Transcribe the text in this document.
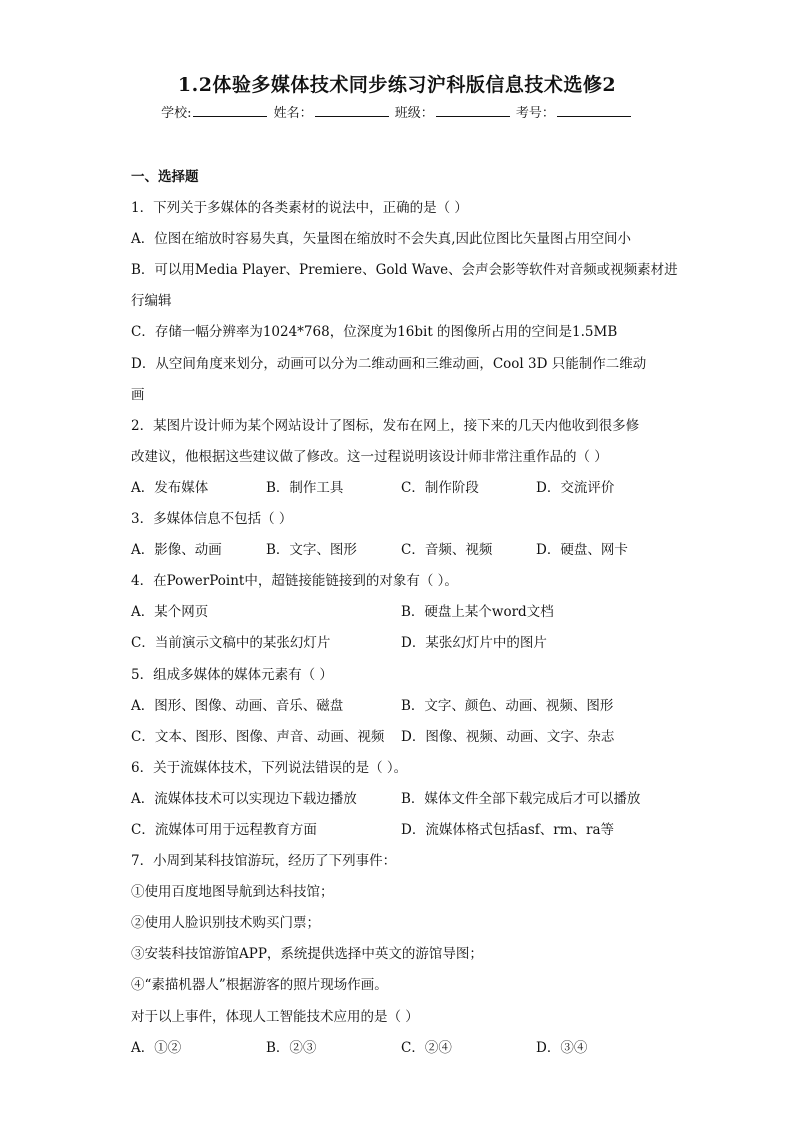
1.2体验多媒体技术同步练习沪科版信息技术选修2
学校:	姓名：	班级：	考号：
一、选择题
1．下列关于多媒体的各类素材的说法中，正确的是（ ）
A．位图在缩放时容易失真，矢量图在缩放时不会失真,因此位图比矢量图占用空间小
B．可以用Media Player、Premiere、Gold Wave、会声会影等软件对音频或视频素材进
行编辑
C．存储一幅分辨率为1024*768，位深度为16bit 的图像所占用的空间是1.5MB
D．从空间角度来划分，动画可以分为二维动画和三维动画，Cool 3D 只能制作二维动
画
2．某图片设计师为某个网站设计了图标，发布在网上，接下来的几天内他收到很多修
改建议，他根据这些建议做了修改。这一过程说明该设计师非常注重作品的（ ）
A．发布媒体	B．制作工具	C．制作阶段	D．交流评价
3．多媒体信息不包括（ ）
A．影像、动画	B．文字、图形	C．音频、视频	D．硬盘、网卡
4．在PowerPoint中，超链接能链接到的对象有（ ）。
A．某个网页	B．硬盘上某个word文档
C．当前演示文稿中的某张幻灯片	D．某张幻灯片中的图片
5．组成多媒体的媒体元素有（ ）
A．图形、图像、动画、音乐、磁盘	B．文字、颜色、动画、视频、图形
C．文本、图形、图像、声音、动画、视频	D．图像、视频、动画、文字、杂志
6．关于流媒体技术，下列说法错误的是（ ）。
A．流媒体技术可以实现边下载边播放	B．媒体文件全部下载完成后才可以播放
C．流媒体可用于远程教育方面	D．流媒体格式包括asf、rm、ra等
7．小周到某科技馆游玩，经历了下列事件：
①使用百度地图导航到达科技馆；
②使用人脸识别技术购买门票；
③安装科技馆游馆APP，系统提供选择中英文的游馆导图；
④“素描机器人”根据游客的照片现场作画。
对于以上事件，体现人工智能技术应用的是（ ）
A．①②	B．②③	C．②④	D．③④
